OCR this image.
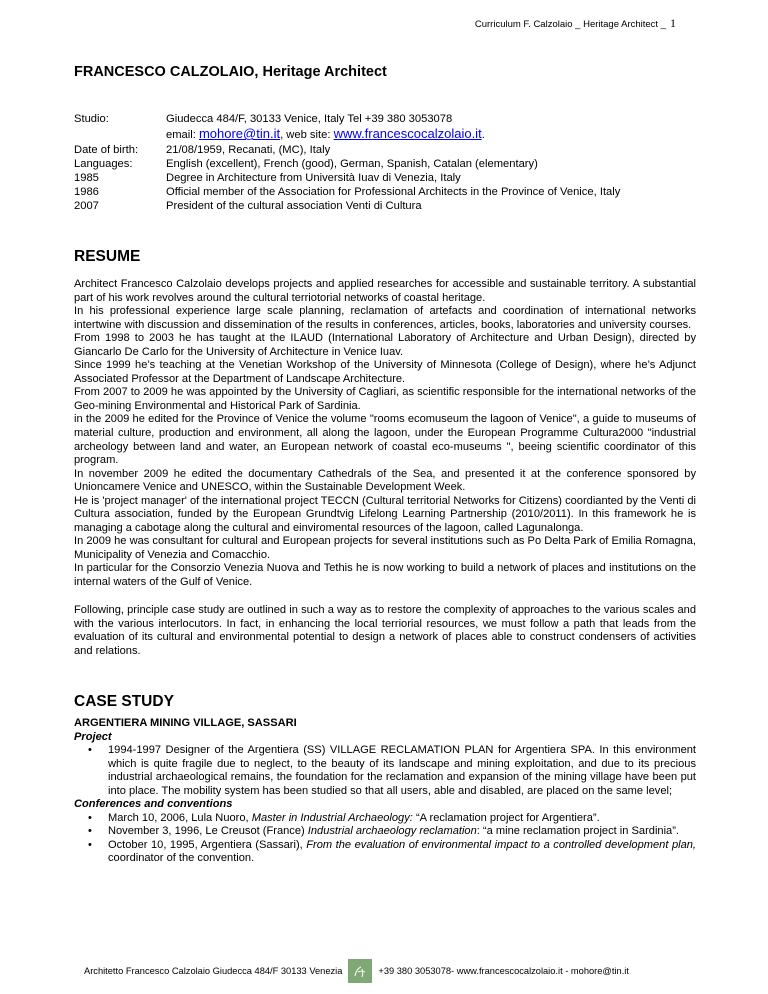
Curriculum F. Calzolaio _ Heritage Architect _ 1
FRANCESCO CALZOLAIO, Heritage Architect
Studio:	Giudecca 484/F, 30133 Venice, Italy Tel +39 380 3053078
email: mohore@tin.it, web site: www.francescocalzolaio.it.
Date of birth:	21/08/1959, Recanati, (MC), Italy
Languages:	English (excellent), French (good), German, Spanish, Catalan (elementary)
1985	Degree in Architecture from Università Iuav di Venezia, Italy
1986	Official member of the Association for Professional Architects in the Province of Venice, Italy
2007	President of the cultural association Venti di Cultura
RESUME

Architect Francesco Calzolaio develops projects and applied researches for accessible and sustainable territory. A substantial part of his work revolves around the cultural terriotorial networks of coastal heritage.

In his professional experience large scale planning, reclamation of artefacts and coordination of international networks intertwine with discussion and dissemination of the results in conferences, articles, books, laboratories and university courses.

From 1998 to 2003 he has taught at the ILAUD (International Laboratory of Architecture and Urban Design), directed by Giancarlo De Carlo for the University of Architecture in Venice Iuav.

Since 1999 he’s teaching at the Venetian Workshop of the University of Minnesota (College of Design), where he’s Adjunct Associated Professor at the Department of Landscape Architecture.

From 2007 to 2009 he was appointed by the University of Cagliari, as scientific responsible for the international networks of the Geo-mining Environmental and Historical Park of Sardinia.

in the 2009 he edited for the Province of Venice the volume "rooms ecomuseum the lagoon of Venice", a guide to museums of material culture, production and environment, all along the lagoon, under the European Programme Cultura2000 "industrial archeology between land and water, an European network of coastal eco-museums ", beeing scientific coordinator of this program.

In november 2009 he edited the documentary Cathedrals of the Sea, and presented it at the conference sponsored by Unioncamere Venice and UNESCO, within the Sustainable Development Week.

He is 'project manager' of the international project TECCN (Cultural territorial Networks for Citizens) coordianted by the Venti di Cultura association, funded by the European Grundtvig Lifelong Learning Partnership (2010/2011). In this framework he is managing a cabotage along the cultural and einviromental resources of the lagoon, called Lagunalonga.

In 2009 he was consultant for cultural and European projects for several institutions such as Po Delta Park of Emilia Romagna, Municipality of Venezia and Comacchio.

In particular for the Consorzio Venezia Nuova and Tethis he is now working to build a network of places and institutions on the internal waters of the Gulf of Venice.

Following, principle case study are outlined in such a way as to restore the complexity of approaches to the various scales and with the various interlocutors. In fact, in enhancing the local terriorial resources, we must follow a path that leads from the evaluation of its cultural and environmental potential to design a network of places able to construct condensers of activities and relations.

CASE STUDY

ARGENTIERA MINING VILLAGE, SASSARI

Project

• 1994-1997 Designer of the Argentiera (SS) VILLAGE RECLAMATION PLAN for Argentiera SPA. In this environment which is quite fragile due to neglect, to the beauty of its landscape and mining exploitation, and due to its precious industrial archaeological remains, the foundation for the reclamation and expansion of the mining village have been put into place. The mobility system has been studied so that all users, able and disabled, are placed on the same level;

Conferences and conventions

• March 10, 2006, Lula Nuoro, Master in Industrial Archaeology: “A reclamation project for Argentiera”.
• November 3, 1996, Le Creusot (France) Industrial archaeology reclamation: “a mine reclamation project in Sardinia”.
• October 10, 1995, Argentiera (Sassari), From the evaluation of environmental impact to a controlled development plan, coordinator of the convention.
Architetto Francesco Calzolaio Giudecca 484/F 30133 Venezia	+39 380 3053078- www.francescocalzolaio.it - mohore@tin.it
